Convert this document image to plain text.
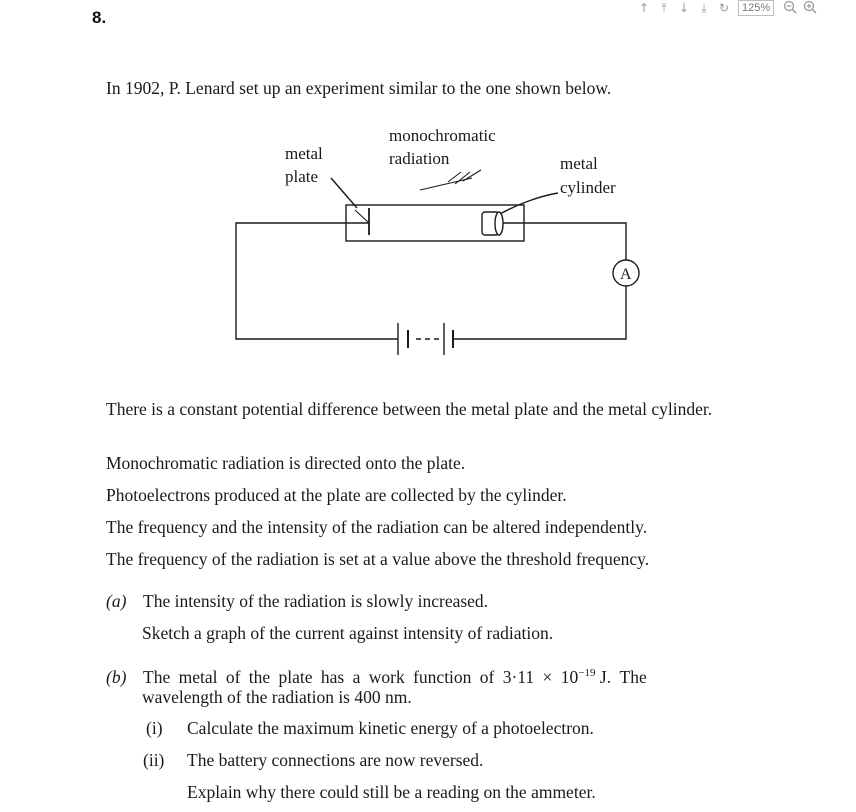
8.	↑	⤒	↓	⤓	↻	125%
In 1902, P. Lenard set up an experiment similar to the one shown below.
metal
plate
monochromatic
radiation	metal
cylinder
A
There is a constant potential difference between the metal plate and the metal cylinder.
Monochromatic radiation is directed onto the plate.
Photoelectrons produced at the plate are collected by the cylinder.
The frequency and the intensity of the radiation can be altered independently.
The frequency of the radiation is set at a value above the threshold frequency.
(a) The intensity of the radiation is slowly increased.
Sketch a graph of the current against intensity of radiation.
(b) The metal of the plate has a work function of $3\cdot 11 \times 10^{-19}$ J.  The
wavelength of the radiation is 400 nm.
(i) Calculate the maximum kinetic energy of a photoelectron.
(ii) The battery connections are now reversed.
Explain why there could still be a reading on the ammeter.
